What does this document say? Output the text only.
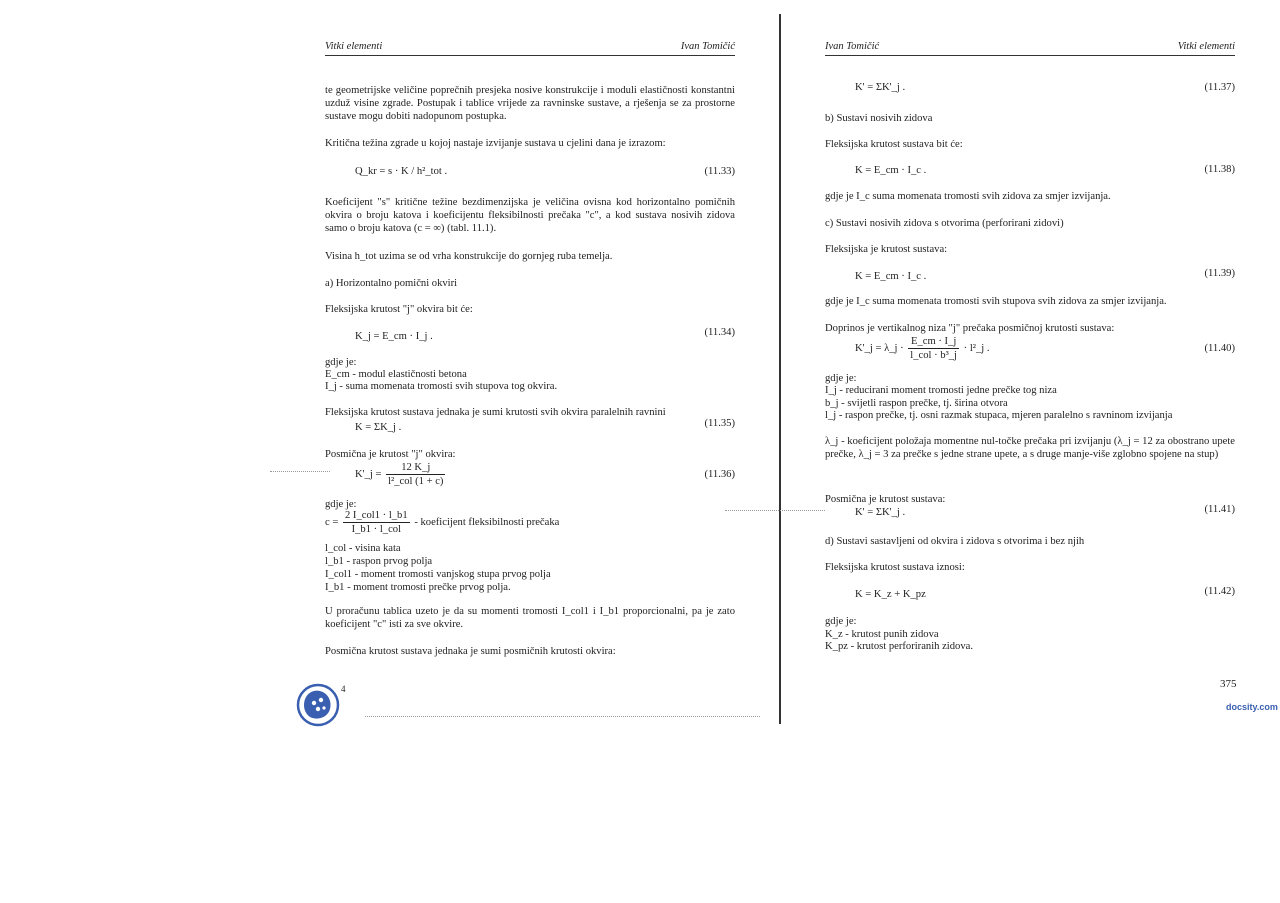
Vitki elementi	Ivan Tomičić
te geometrijske veličine poprečnih presjeka nosive konstrukcije i moduli elastičnosti konstantni uzduž visine zgrade. Postupak i tablice vrijede za ravninske sustave, a rješenja se za prostorne sustave mogu dobiti nadopunom postupka.
Kritična težina zgrade u kojoj nastaje izvijanje sustava u cjelini dana je izrazom:
Q_kr = s · K / h²_tot .	(11.33)
Koeficijent "s" kritične težine bezdimenzijska je veličina ovisna kod horizontalno pomičnih okvira o broju katova i koeficijentu fleksibilnosti prečaka "c", a kod sustava nosivih zidova samo o broju katova (c = ∞) (tabl. 11.1).
Visina h_tot uzima se od vrha konstrukcije do gornjeg ruba temelja.
a) Horizontalno pomični okviri
Fleksijska krutost "j" okvira bit će:
K_j = E_cm · I_j .	(11.34)
gdje je:
E_cm - modul elastičnosti betona
I_j - suma momenata tromosti svih stupova tog okvira.
Fleksijska krutost sustava jednaka je sumi krutosti svih okvira paralelnih ravnini
K = ΣK_j .	(11.35)
Posmična je krutost "j" okvira:
K'_j = $\frac{12 K\_j}{\text{l²\_col (1 + c)}}$	(11.36)
gdje je:
$c = \frac{\text{2 I\_col1 · l\_b1}}{\text{I\_b1 · l\_col}}$ - koeficijent fleksibilnosti prečaka
l_col - visina kata
l_b1 - raspon prvog polja
I_col1 - moment tromosti vanjskog stupa prvog polja
I_b1 - moment tromosti prečke prvog polja.
U proračunu tablica uzeto je da su momenti tromosti I_col1 i I_b1 proporcionalni, pa je zato koeficijent "c" isti za sve okvire.
Posmična krutost sustava jednaka je sumi posmičnih krutosti okvira:
4
Ivan Tomičić	Vitki elementi
K' = ΣK'_j .	(11.37)
b) Sustavi nosivih zidova
Fleksijska krutost sustava bit će:
K = E_cm · I_c .	(11.38)
gdje je I_c suma momenata tromosti svih zidova za smjer izvijanja.
c) Sustavi nosivih zidova s otvorima (perforirani zidovi)
Fleksijska je krutost sustava:
K = E_cm · I_c .	(11.39)
gdje je I_c suma momenata tromosti svih stupova svih zidova za smjer izvijanja.
Doprinos je vertikalnog niza "j" prečaka posmičnoj krutosti sustava:
K'_j = λ_j · $\frac{E\_cm \cdot I\_j}{\text{l\_col · b³\_j}}$ · l²_j .	(11.40)
gdje je:
I_j - reducirani moment tromosti jedne prečke tog niza
b_j - svijetli raspon prečke, tj. širina otvora
l_j - raspon prečke, tj. osni razmak stupaca, mjeren paralelno s ravninom izvijanja
λ_j - koeficijent položaja momentne nul-točke prečaka pri izvijanju (λ_j = 12 za obostrano upete prečke, λ_j = 3 za prečke s jedne strane upete, a s druge manje-više zglobno spojene na stup)
Posmična je krutost sustava:
K' = ΣK'_j .	(11.41)
d) Sustavi sastavljeni od okvira i zidova s otvorima i bez njih
Fleksijska krutost sustava iznosi:
K = K_z + K_pz	(11.42)
gdje je:
K_z - krutost punih zidova
K_pz - krutost perforiranih zidova.
375
docsity.com
